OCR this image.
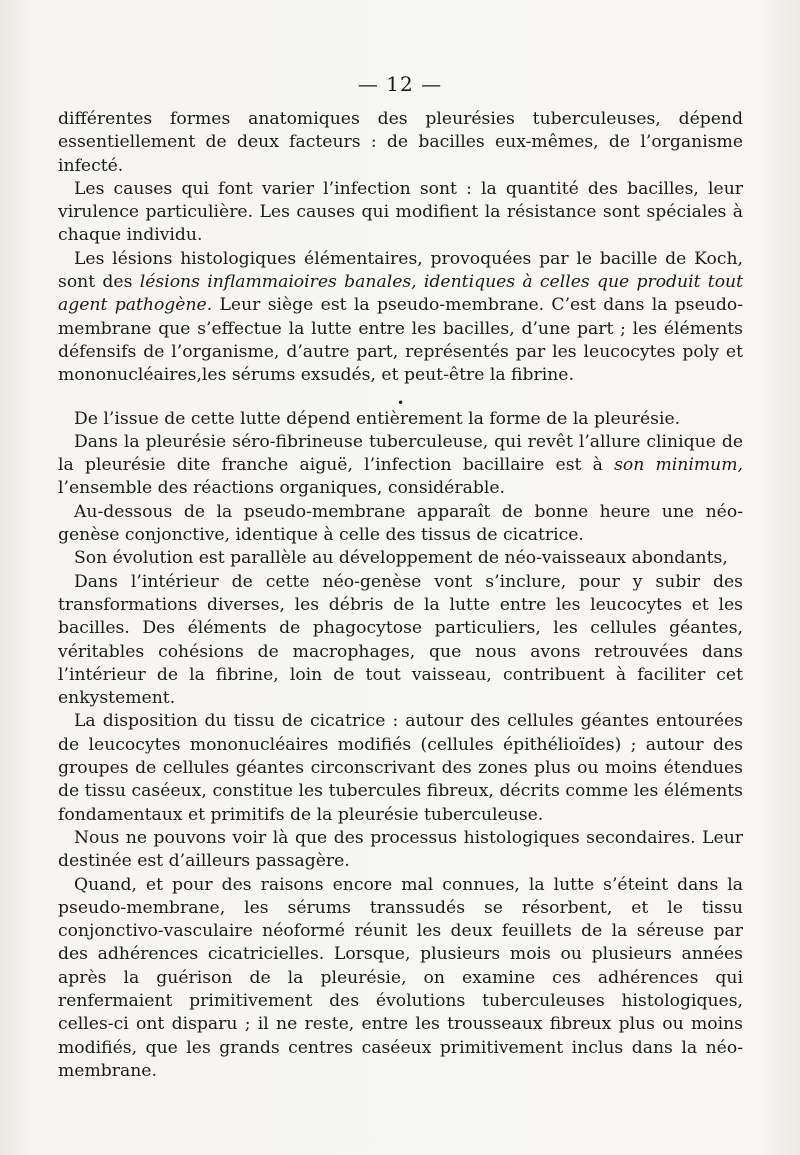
— 12 —

différentes formes anatomiques des pleurésies tuberculeuses, dépend essentiellement de deux facteurs : de bacilles eux-mêmes, de l’organisme infecté.

Les causes qui font varier l’infection sont : la quantité des bacilles, leur virulence particulière. Les causes qui modifient la résistance sont spéciales à chaque individu.

Les lésions histologiques élémentaires, provoquées par le bacille de Koch, sont des lésions inflammaioires banales, identiques à celles que produit tout agent pathogène. Leur siège est la pseudo-membrane. C’est dans la pseudo-membrane que s’effectue la lutte entre les bacilles, d’une part ; les éléments défensifs de l’organisme, d’autre part, représentés par les leucocytes poly et mononucléaires,les sérums exsudés, et peut-être la fibrine.

•

De l’issue de cette lutte dépend entièrement la forme de la pleurésie.

Dans la pleurésie séro-fibrineuse tuberculeuse, qui revêt l’allure clinique de la pleurésie dite franche aiguë, l’infection bacillaire est à son minimum, l’ensemble des réactions organiques, considérable.

Au-dessous de la pseudo-membrane apparaît de bonne heure une néo-genèse conjonctive, identique à celle des tissus de cicatrice.

Son évolution est parallèle au développement de néo-vaisseaux abondants,

Dans l’intérieur de cette néo-genèse vont s’inclure, pour y subir des transformations diverses, les débris de la lutte entre les leucocytes et les bacilles. Des éléments de phagocytose particuliers, les cellules géantes, véritables cohésions de macrophages, que nous avons retrouvées dans l’intérieur de la fibrine, loin de tout vaisseau, contribuent à faciliter cet enkystement.

La disposition du tissu de cicatrice : autour des cellules géantes entourées de leucocytes mononucléaires modifiés (cellules épithélioïdes) ; autour des groupes de cellules géantes circonscrivant des zones plus ou moins étendues de tissu caséeux, constitue les tubercules fibreux, décrits comme les éléments fondamentaux et primitifs de la pleurésie tuberculeuse.

Nous ne pouvons voir là que des processus histologiques secondaires. Leur destinée est d’ailleurs passagère.

Quand, et pour des raisons encore mal connues, la lutte s’éteint dans la pseudo-membrane, les sérums transsudés se résorbent, et le tissu conjonctivo-vasculaire néoformé réunit les deux feuillets de la séreuse par des adhérences cicatricielles. Lorsque, plusieurs mois ou plusieurs années après la guérison de la pleurésie, on examine ces adhérences qui renfermaient primitivement des évolutions tuberculeuses histologiques, celles-ci ont disparu ; il ne reste, entre les trousseaux fibreux plus ou moins modifiés, que les grands centres caséeux primitivement inclus dans la néo-membrane.
